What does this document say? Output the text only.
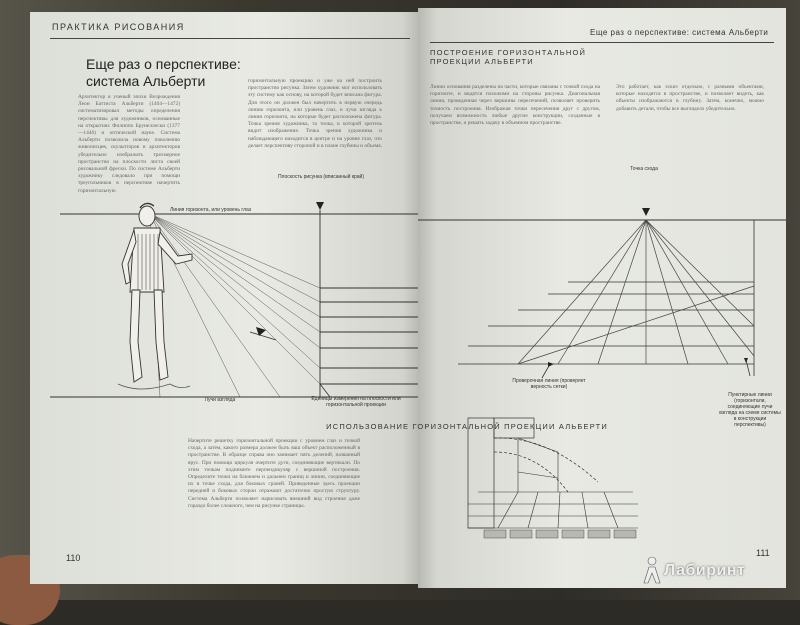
ПРАКТИКА РИСОВАНИЯ
Еще раз о перспективе:
система Альберти
Архитектор и ученый эпохи Возрождения Леон Баттиста Альберти (1404—1472) систематизировал методы определения перспективы для художников, основанные на открытиях Филиппо Брунеллески (1377—1446) и оптической науке. Система Альберти позволила новому поколению живописцев, скульпторов и архитекторов убедительно изображать трехмерное пространство на плоскости листа своей рисовальной фрески. По системе Альберти художнику следовало при помощи треугольников в перспективе начертить горизонтальную
горизонтальную проекцию и уже на ней построить пространство рисунка. Затем художник мог использовать эту систему как основу, на которой будет вписана фигура. Для этого он должен был начертить в первую очередь линию горизонта, или уровень глаз, и лучи взгляда к линии горизонта, на которые будет расположена фигура. Точка зрения художника, та точка, в которой зритель видит изображение. Точка зрения художника и наблюдающего находится в центре и на уровне глаз, что делает перспективу стороной и в плане глубины и объема.
Плоскость рисунка (вписанный край)
Линия горизонта, или уровень глаз
Лучи взгляда	Единицы измерения на плоскости или горизонтальной проекции
110
Еще раз о перспективе: система Альберти
ПОСТРОЕНИЕ ГОРИЗОНТАЛЬНОЙ ПРОЕКЦИИ АЛЬБЕРТИ
Линии основания разделены на части, которые связаны с точкой схода на горизонте, и видятся похожими на стороны рисунка. Диагональная линия, проведенная через вершины пересечений, позволяет проверить точность построения. Изображая точки пересечения друг с другом, получаем возможность любые другие конструкции, созданные в пространстве, и решать задачу в объемном пространстве.
Это работает, как эскиз отдельно, с разными объектами, которые находятся в пространстве, и позволяет видеть, как объекты изображаются в глубину. Затем, конечно, можно добавить детали, чтобы все выглядело убедительно.
Точка схода
Проверочная линия (проверяет верность сетки)
Пунктирные линии (горизонтали, соединяющие лучи взгляда на схеме системы в конструкции перспективы)
ИСПОЛЬЗОВАНИЕ ГОРИЗОНТАЛЬНОЙ ПРОЕКЦИИ АЛЬБЕРТИ
Начертите решетку горизонтальной проекции с уровнем глаз и точкой схода, а затем, какого размера должен быть ваш объект расположенный в пространстве. В образце справа оно занимает пять делений, названный ярус. При помощи циркуля очертите дуги, соединяющие вертикали. По этим точкам поднимите перпендикуляр с вершиной построения. Определите точки на ближнем и дальнем границ и линии, соединяющие их в точке схода, для боковых граней. Приведенные здесь проекции передней и боковых сторон отражают достаточно простую структуру. Система Альберти позволяет нарисовать внешний вид строения даже гораздо более сложного, чем на рисунке страницы.
111
Лабиринт
